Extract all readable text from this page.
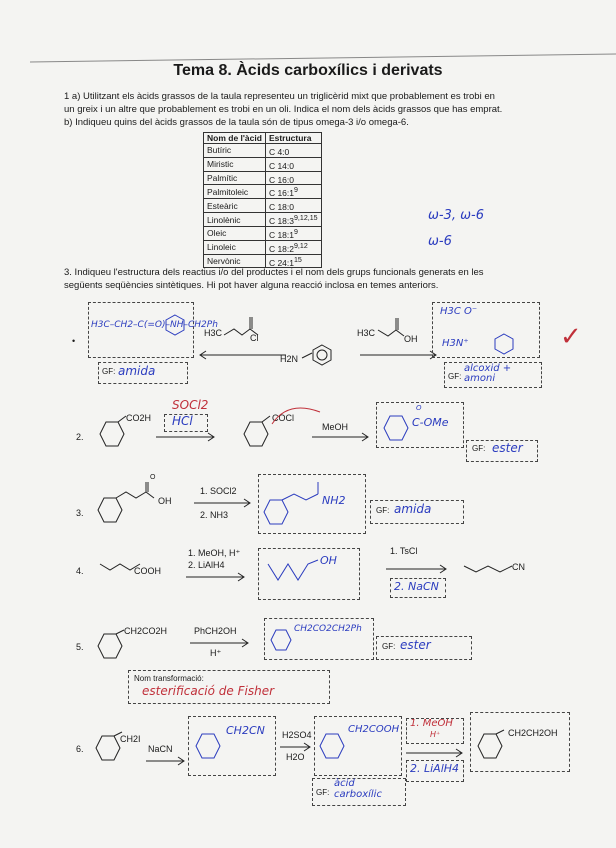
Tema 8. Àcids carboxílics i derivats
1 a) Utilitzant els àcids grassos de la taula representeu un triglicèrid mixt que probablement es trobi en
un greix i un altre que probablement es trobi en un oli. Indica el nom dels àcids grassos que has emprat.
b) Indiqueu quins del àcids grassos de la taula són de tipus omega-3 i/o omega-6.
Nom de l'àcid	Estructura
Butíric	C 4:0
Miristic	C 14:0
Palmític	C 16:0
Palmitoleic	C $16:1^9$
Esteàric	C 18:0
Linolènic	C 18:3$^{9,12,15}$
Oleic	C $18:1^9$
Linoleic	C 18:2$^{9,12}$
Nervònic	C $24:1^{15}$
ω-3, ω-6
ω-6
3. Indiqueu l'estructura dels reactius i/o del productes i el nom dels grups funcionals generats en les
següents seqüències sintètiques. Hi pot haver alguna reacció inclosa en temes anteriors.
•
H3C–CH2–C(=O)–NH–CH2Ph
H3C	Cl
H2N
H3C
OH
H3C O⁻
H3N⁺	✓
GF: amida	GF:
alcoxid + amoni
2.
CO2H
SOCl2
HCl	COCl
MeOH
O
C-OMe
GF: ester
3.
O
OH
1. SOCl2
2. NH3
NH2
GF: amida
4.	COOH
1. MeOH, H⁺
2. LiAlH4	OH
1. TsCl
2. NaCN
CN
5.
CH2CO2H	PhCH2OH
H⁺
CH2CO2CH2Ph
GF: ester
Nom transformació:
esterificació de Fisher
6.
CH2I
NaCN
CH2CN H2SO4
H2O
CH2COOH
1. MeOH
H⁺
2. LiAlH4
CH2CH2OH
GF:
àcid carboxílic
